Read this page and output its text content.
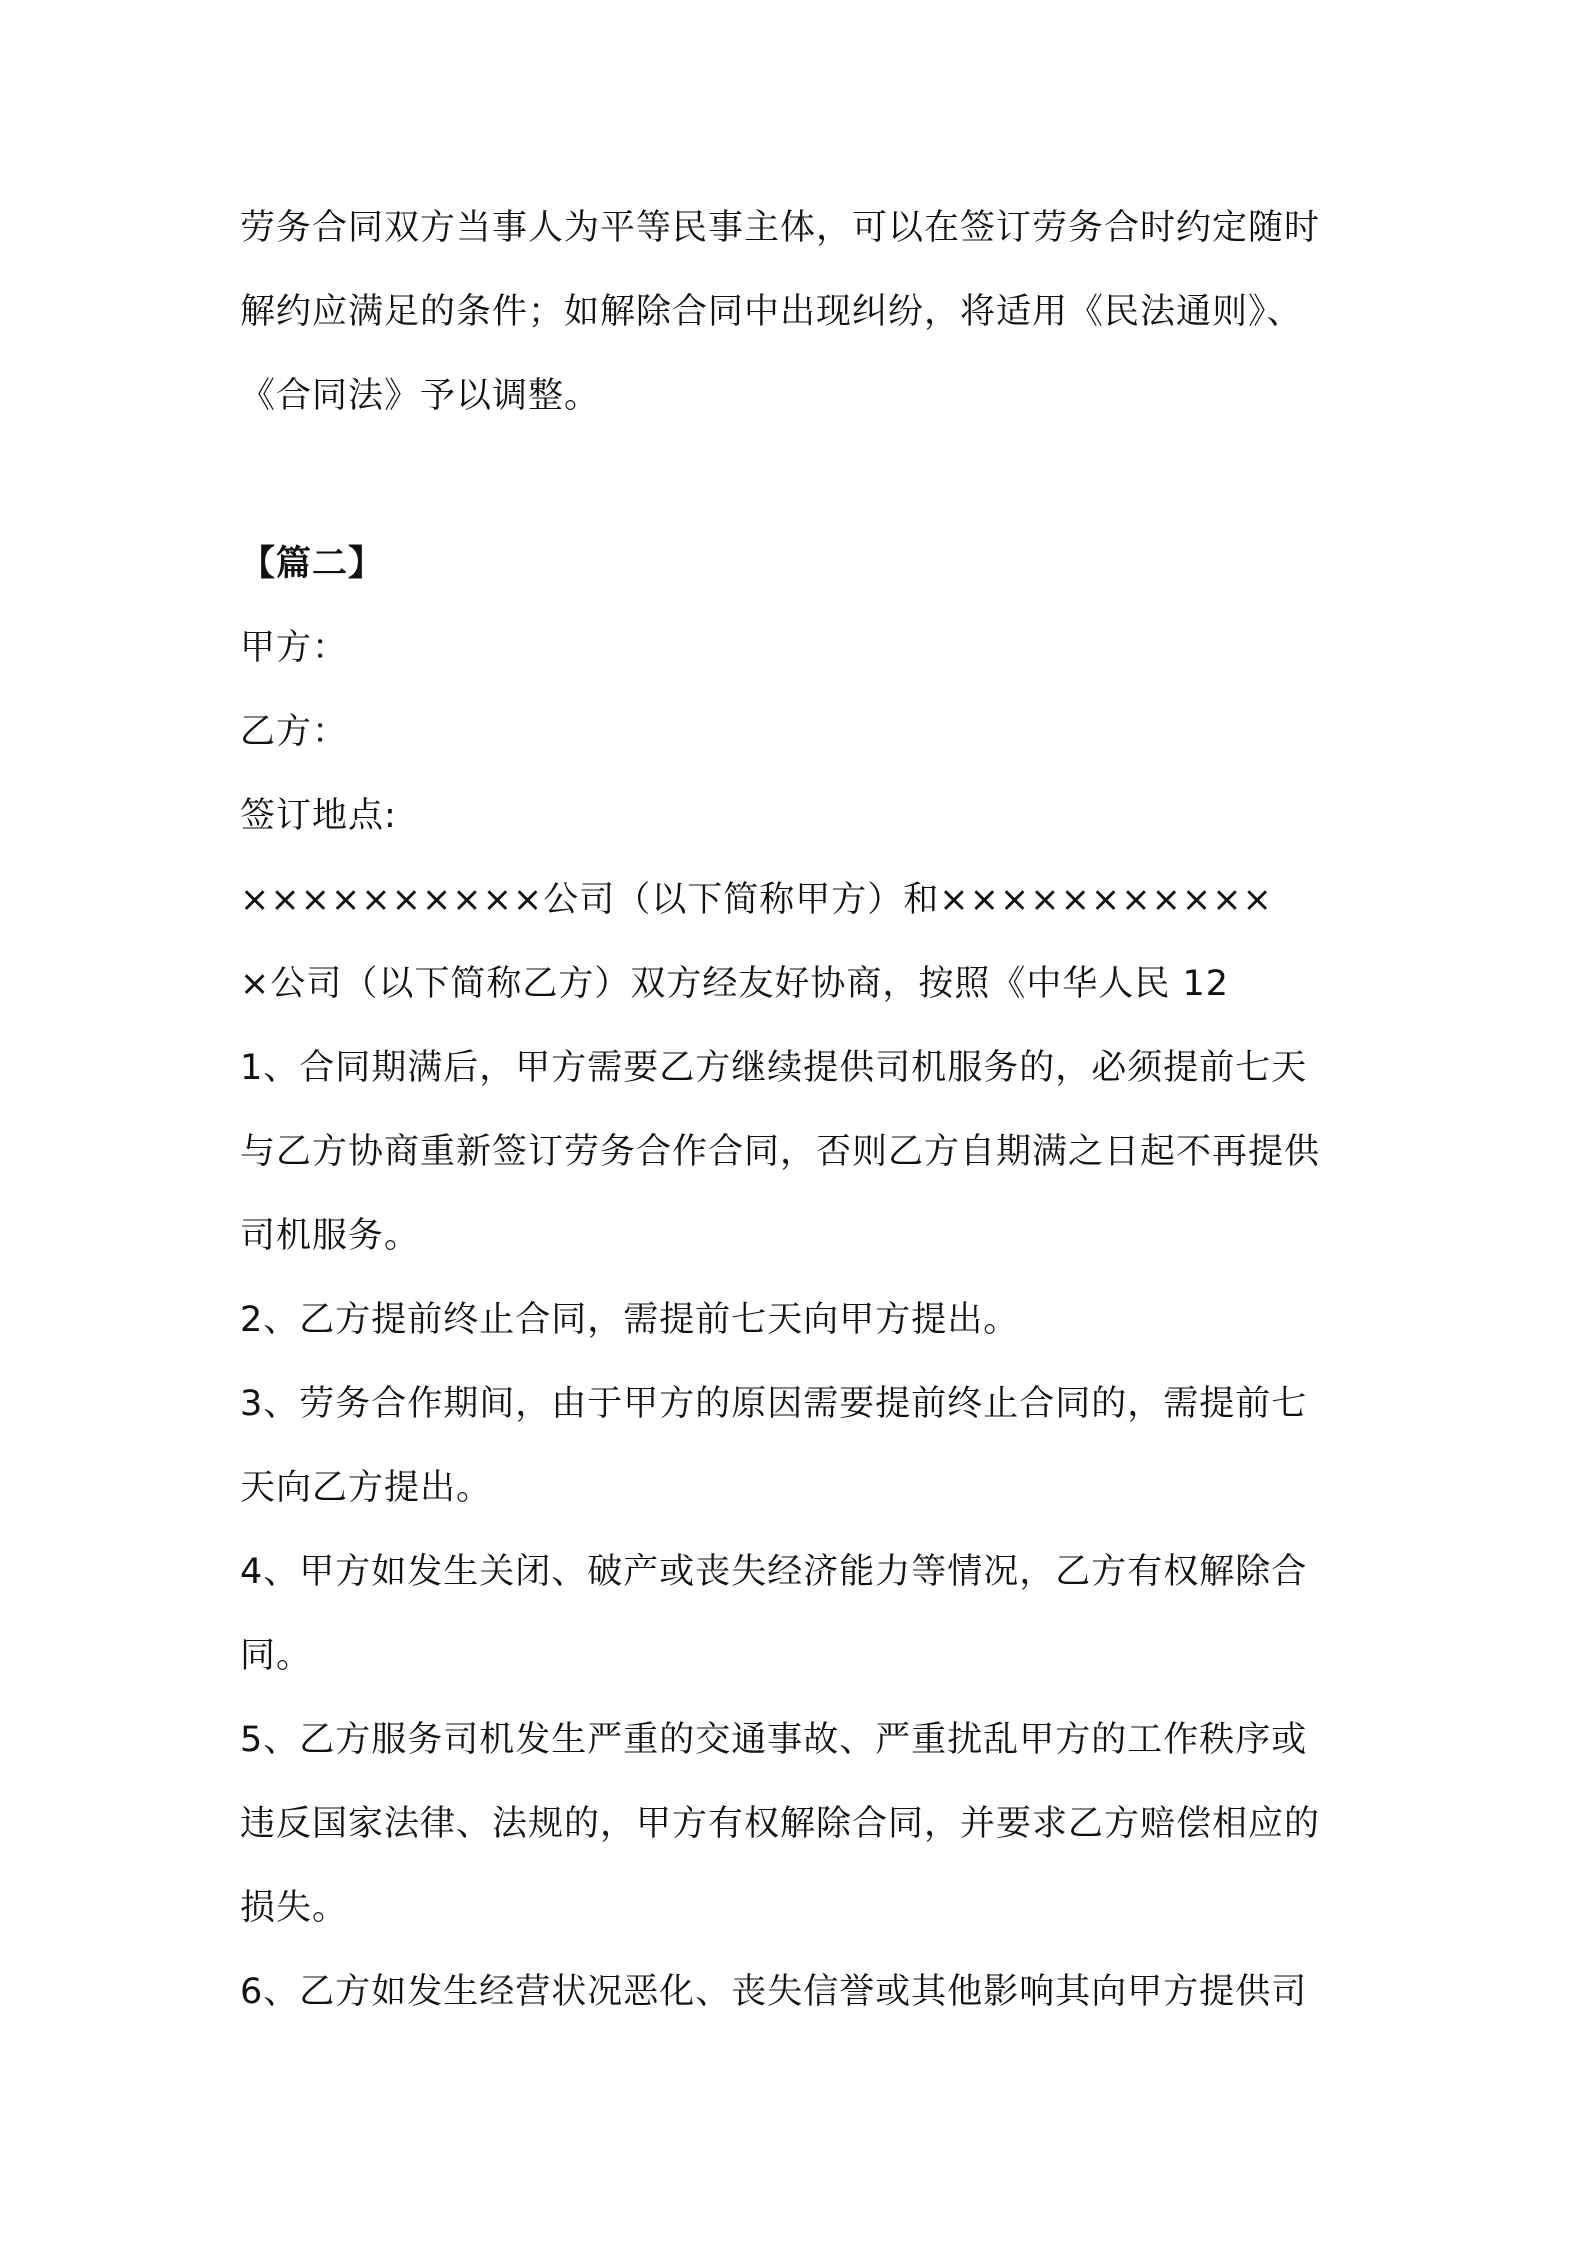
劳务合同双方当事人为平等民事主体，可以在签订劳务合时约定随时
解约应满足的条件；如解除合同中出现纠纷，将适用《民法通则》、
《合同法》予以调整。
【篇二】
甲方：
乙方：
签订地点:
××××××××××公司（以下简称甲方）和×××××××××××
×公司（以下简称乙方）双方经友好协商，按照《中华人民 12
1、合同期满后，甲方需要乙方继续提供司机服务的，必须提前七天
与乙方协商重新签订劳务合作合同，否则乙方自期满之日起不再提供
司机服务。
2、乙方提前终止合同，需提前七天向甲方提出。
3、劳务合作期间，由于甲方的原因需要提前终止合同的，需提前七
天向乙方提出。
4、甲方如发生关闭、破产或丧失经济能力等情况，乙方有权解除合
同。
5、乙方服务司机发生严重的交通事故、严重扰乱甲方的工作秩序或
违反国家法律、法规的，甲方有权解除合同，并要求乙方赔偿相应的
损失。
6、乙方如发生经营状况恶化、丧失信誉或其他影响其向甲方提供司
